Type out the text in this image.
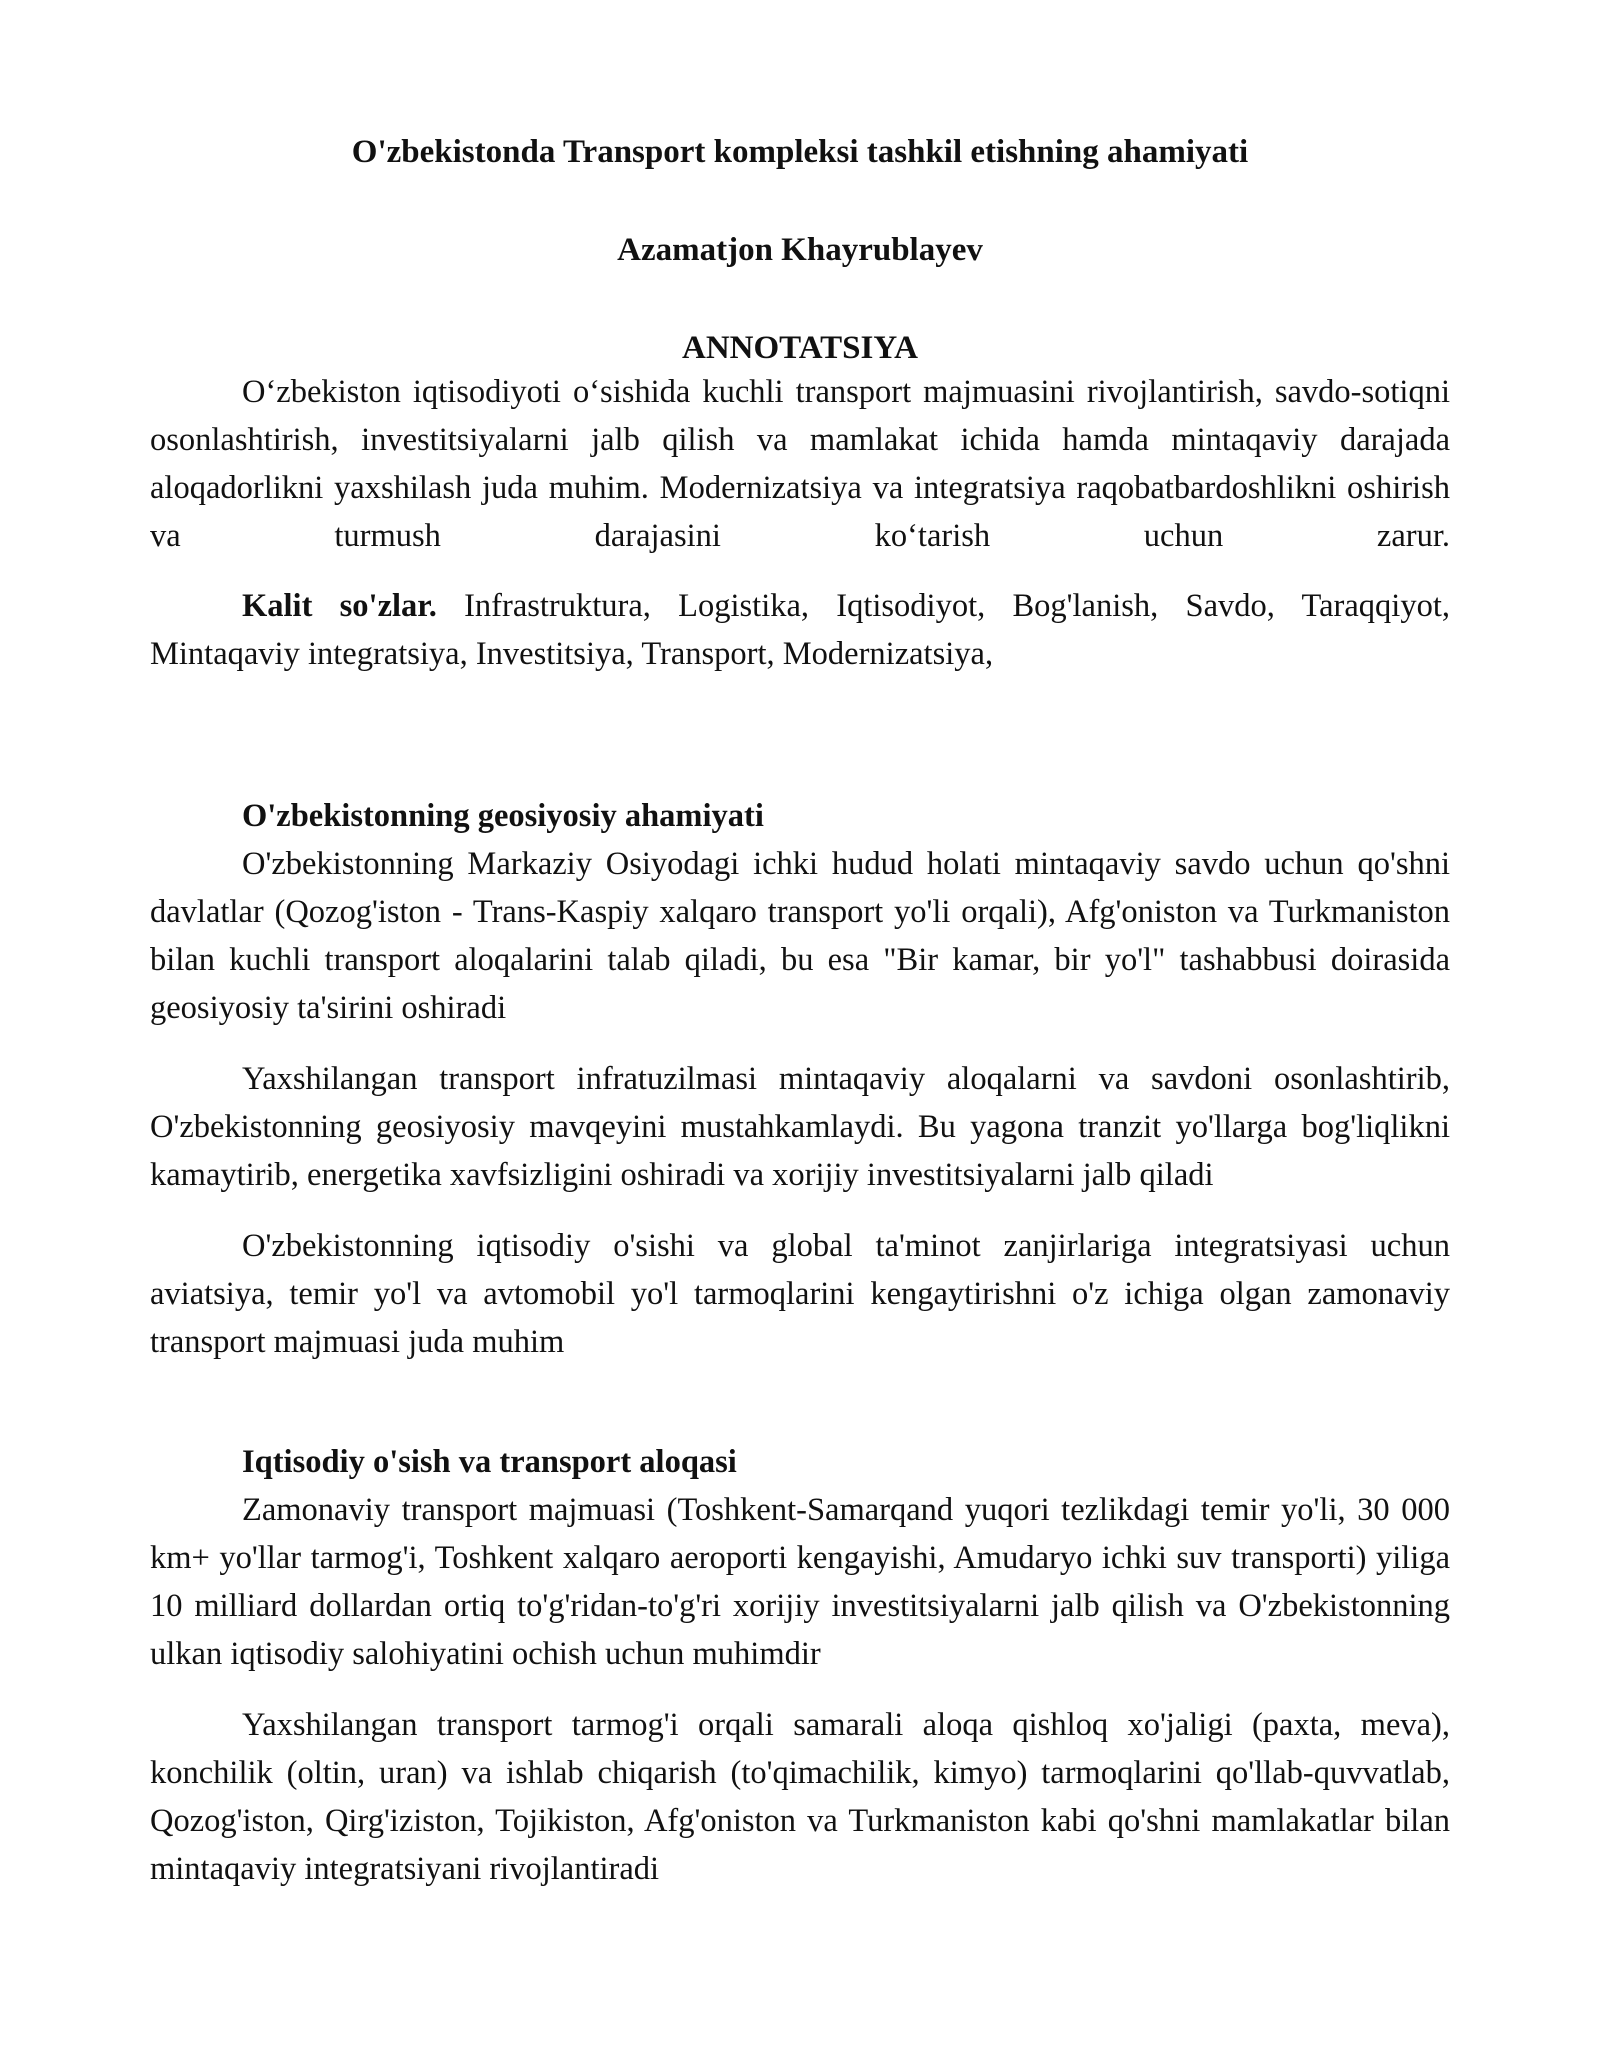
O'zbekistonda Transport kompleksi tashkil etishning ahamiyati
Azamatjon Khayrublayev
ANNOTATSIYA

O‘zbekiston iqtisodiyoti o‘sishida kuchli transport majmuasini rivojlantirish, savdo-sotiqni osonlashtirish, investitsiyalarni jalb qilish va mamlakat ichida hamda mintaqaviy darajada aloqadorlikni yaxshilash juda muhim. Modernizatsiya va integratsiya raqobatbardoshlikni oshirish va turmush darajasini ko‘tarish uchun zarur.

Kalit so'zlar. Infrastruktura, Logistika, Iqtisodiyot, Bog'lanish, Savdo, Taraqqiyot, Mintaqaviy integratsiya, Investitsiya, Transport, Modernizatsiya,

O'zbekistonning geosiyosiy ahamiyati

O'zbekistonning Markaziy Osiyodagi ichki hudud holati mintaqaviy savdo uchun qo'shni davlatlar (Qozog'iston - Trans-Kaspiy xalqaro transport yo'li orqali), Afg'oniston va Turkmaniston bilan kuchli transport aloqalarini talab qiladi, bu esa "Bir kamar, bir yo'l" tashabbusi doirasida geosiyosiy ta'sirini oshiradi

Yaxshilangan transport infratuzilmasi mintaqaviy aloqalarni va savdoni osonlashtirib, O'zbekistonning geosiyosiy mavqeyini mustahkamlaydi. Bu yagona tranzit yo'llarga bog'liqlikni kamaytirib, energetika xavfsizligini oshiradi va xorijiy investitsiyalarni jalb qiladi

O'zbekistonning iqtisodiy o'sishi va global ta'minot zanjirlariga integratsiyasi uchun aviatsiya, temir yo'l va avtomobil yo'l tarmoqlarini kengaytirishni o'z ichiga olgan zamonaviy transport majmuasi juda muhim

Iqtisodiy o'sish va transport aloqasi

Zamonaviy transport majmuasi (Toshkent-Samarqand yuqori tezlikdagi temir yo'li, 30 000 km+ yo'llar tarmog'i, Toshkent xalqaro aeroporti kengayishi, Amudaryo ichki suv transporti) yiliga 10 milliard dollardan ortiq to'g'ridan-to'g'ri xorijiy investitsiyalarni jalb qilish va O'zbekistonning ulkan iqtisodiy salohiyatini ochish uchun muhimdir

Yaxshilangan transport tarmog'i orqali samarali aloqa qishloq xo'jaligi (paxta, meva), konchilik (oltin, uran) va ishlab chiqarish (to'qimachilik, kimyo) tarmoqlarini qo'llab-quvvatlab, Qozog'iston, Qirg'iziston, Tojikiston, Afg'oniston va Turkmaniston kabi qo'shni mamlakatlar bilan mintaqaviy integratsiyani rivojlantiradi
